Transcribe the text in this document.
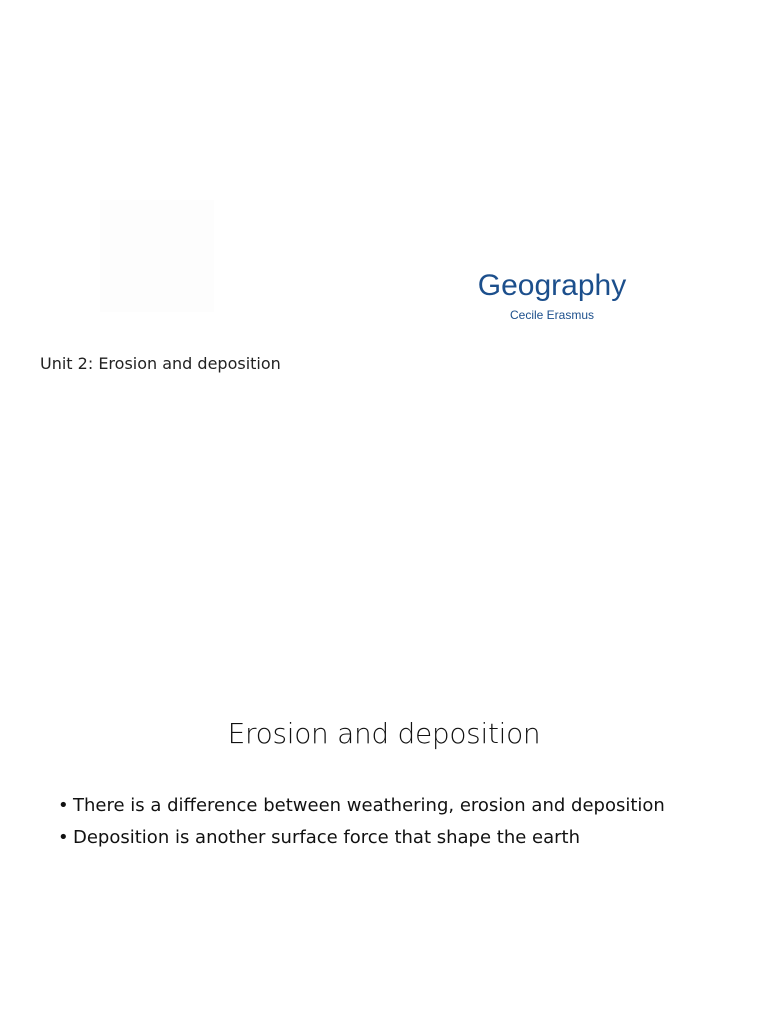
Geography
Cecile Erasmus
Unit 2: Erosion and deposition
Erosion and deposition
• There is a difference between weathering, erosion and deposition
• Deposition is another surface force that shape the earth
